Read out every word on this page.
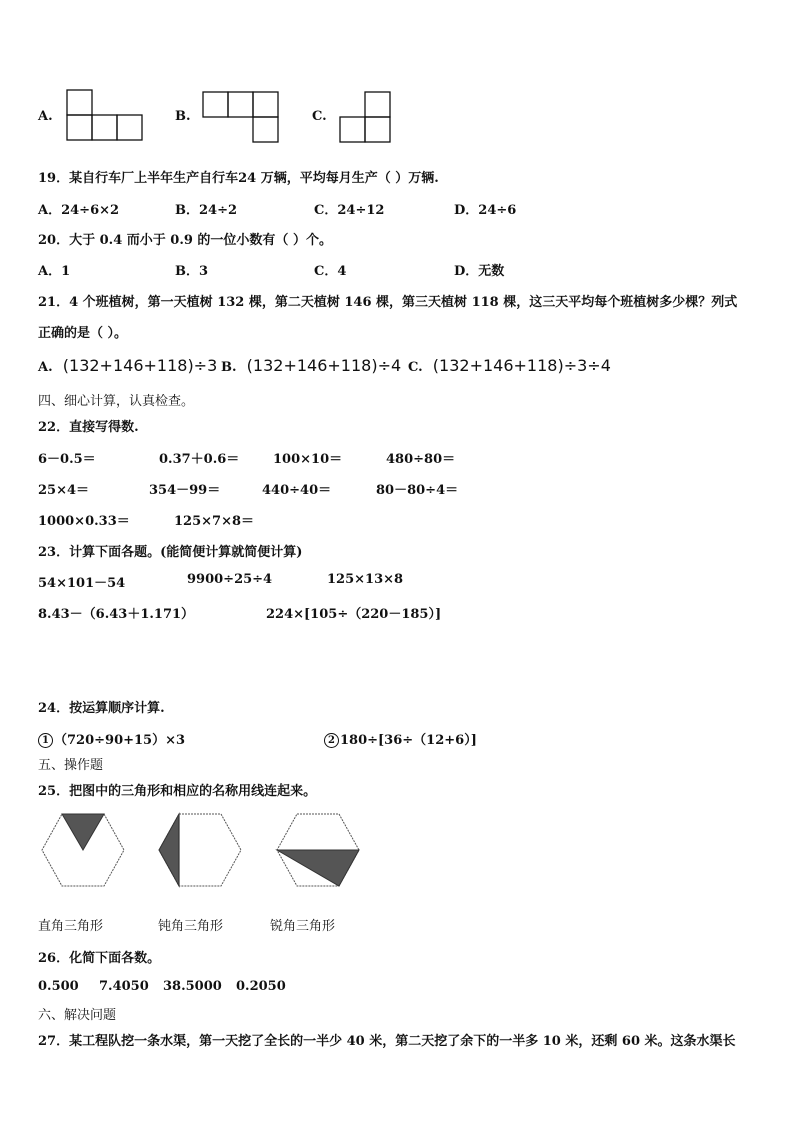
A.	B.	C.
19．某自行车厂上半年生产自行车24 万辆，平均每月生产（ ）万辆.
A．24÷6×2	B．24÷2	C．24÷12	D．24÷6
20．大于 0.4 而小于 0.9 的一位小数有（ ）个。
A．1	B．3	C．4	D．无数
21．4 个班植树，第一天植树 132 棵，第二天植树 146 棵，第三天植树 118 棵，这三天平均每个班植树多少棵？列式
正确的是（ ）。
A. (132+146+118)÷3 B. (132+146+118)÷4 C. (132+146+118)÷3÷4
四、细心计算，认真检查。
22．直接写得数.
6－0.5＝	0.37＋0.6＝	100×10＝	480÷80＝
25×4＝	354－99＝	440÷40＝	80－80÷4＝
1000×0.33＝	125×7×8＝
23．计算下面各题。(能简便计算就简便计算)
54×101－54	9900÷25÷4	125×13×8
8.43－（6.43＋1.171）	224×[105÷（220－185）]
24．按运算顺序计算.
1 （720÷90+15）×3	2 180÷[36÷（12+6）]
五、操作题
25．把图中的三角形和相应的名称用线连起来。
直角三角形	钝角三角形	锐角三角形
26．化简下面各数。
0.500 7.4050 38.5000 0.2050
六、解决问题
27．某工程队挖一条水渠，第一天挖了全长的一半少 40 米，第二天挖了余下的一半多 10 米，还剩 60 米。这条水渠长
